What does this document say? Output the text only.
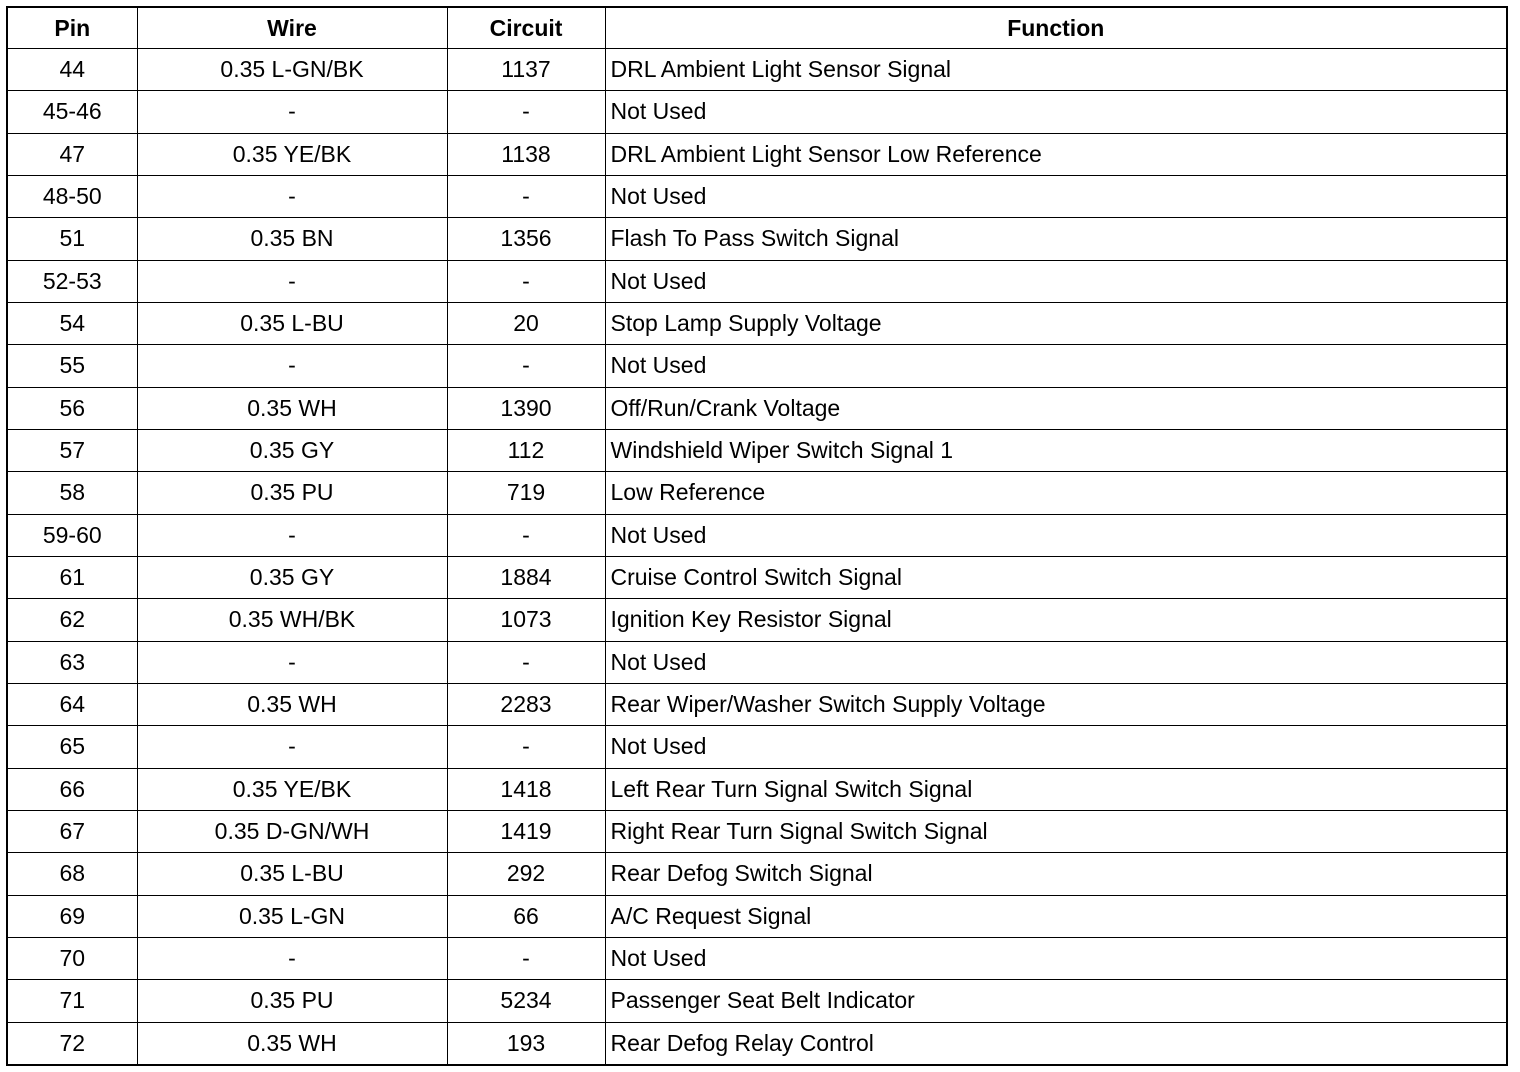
Pin	Wire	Circuit	Function
44	0.35 L-GN/BK	1137	DRL Ambient Light Sensor Signal
45-46	-	-	Not Used
47	0.35 YE/BK	1138	DRL Ambient Light Sensor Low Reference
48-50	-	-	Not Used
51	0.35 BN	1356	Flash To Pass Switch Signal
52-53	-	-	Not Used
54	0.35 L-BU	20	Stop Lamp Supply Voltage
55	-	-	Not Used
56	0.35 WH	1390	Off/Run/Crank Voltage
57	0.35 GY	112	Windshield Wiper Switch Signal 1
58	0.35 PU	719	Low Reference
59-60	-	-	Not Used
61	0.35 GY	1884	Cruise Control Switch Signal
62	0.35 WH/BK	1073	Ignition Key Resistor Signal
63	-	-	Not Used
64	0.35 WH	2283	Rear Wiper/Washer Switch Supply Voltage
65	-	-	Not Used
66	0.35 YE/BK	1418	Left Rear Turn Signal Switch Signal
67	0.35 D-GN/WH	1419	Right Rear Turn Signal Switch Signal
68	0.35 L-BU	292	Rear Defog Switch Signal
69	0.35 L-GN	66	A/C Request Signal
70	-	-	Not Used
71	0.35 PU	5234	Passenger Seat Belt Indicator
72	0.35 WH	193	Rear Defog Relay Control
